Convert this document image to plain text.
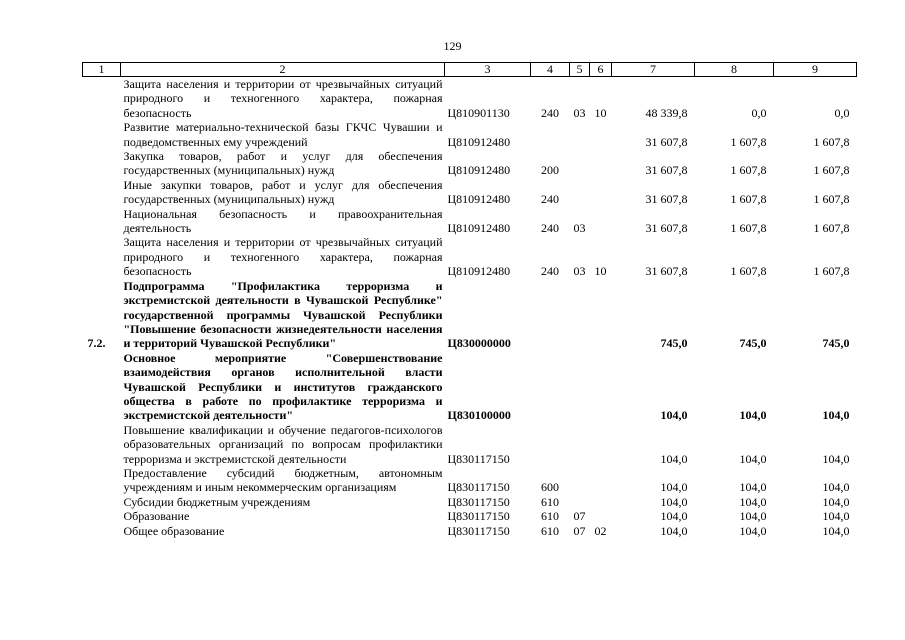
129
1	2	3	4	5	6	7	8	9
	Защита населения и территории от чрезвычайных ситуаций природного и техногенного характера, пожарная безопасность	Ц810901130	240	03	10	48 339,8	0,0	0,0
	Развитие материально-технической базы ГКЧС Чувашии и подведомственных ему учреждений	Ц810912480				31 607,8	1 607,8	1 607,8
	Закупка товаров, работ и услуг для обеспечения государственных (муниципальных) нужд	Ц810912480	200			31 607,8	1 607,8	1 607,8
	Иные закупки товаров, работ и услуг для обеспечения государственных (муниципальных) нужд	Ц810912480	240			31 607,8	1 607,8	1 607,8
	Национальная безопасность и правоохранительная деятельность	Ц810912480	240	03		31 607,8	1 607,8	1 607,8
	Защита населения и территории от чрезвычайных ситуаций природного и техногенного характера, пожарная безопасность	Ц810912480	240	03	10	31 607,8	1 607,8	1 607,8
7.2.	Подпрограмма "Профилактика терроризма и экстремистской деятельности в Чувашской Республике" государственной программы Чувашской Республики "Повышение безопасности жизнедеятельности населения и территорий Чувашской Республики"	Ц830000000				745,0	745,0	745,0
	Основное мероприятие "Совершенствование взаимодействия органов исполнительной власти Чувашской Республики и институтов гражданского общества в работе по профилактике терроризма и экстремистской деятельности"	Ц830100000				104,0	104,0	104,0
	Повышение квалификации и обучение педагогов-психологов образовательных организаций по вопросам профилактики терроризма и экстремистской деятельности	Ц830117150				104,0	104,0	104,0
	Предоставление субсидий бюджетным, автономным учреждениям и иным некоммерческим организациям	Ц830117150	600			104,0	104,0	104,0
	Субсидии бюджетным учреждениям	Ц830117150	610			104,0	104,0	104,0
	Образование	Ц830117150	610	07		104,0	104,0	104,0
	Общее образование	Ц830117150	610	07	02	104,0	104,0	104,0
